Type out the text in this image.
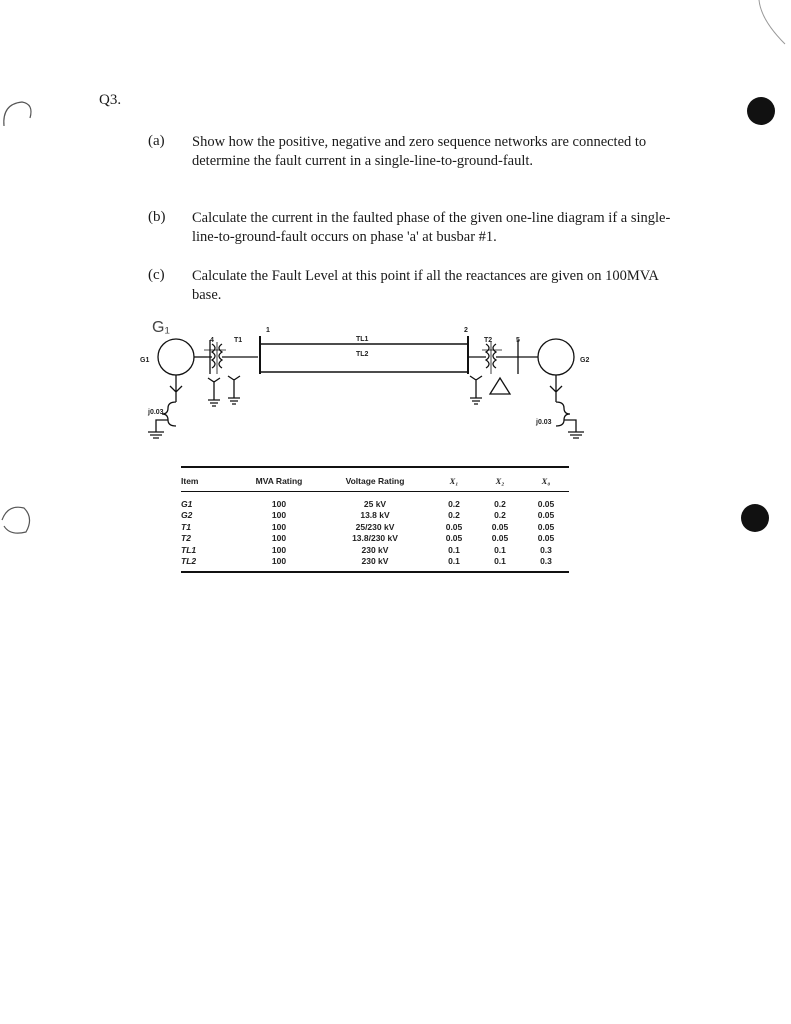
Q3.
(a) Show how the positive, negative and zero sequence networks are connected to determine the fault current in a single-line-to-ground-fault.
(b) Calculate the current in the faulted phase of the given one-line diagram if a single-line-to-ground-fault occurs on phase 'a' at busbar #1.
(c) Calculate the Fault Level at this point if all the reactances are given on 100MVA base.
G₁
G1	G2
T1	T2
TL1
TL2
4
1	2
5
j0.03
j0.03
Item	MVA Rating	Voltage Rating	X₁	X₂	X₀
G1	100	25 kV	0.2	0.2	0.05
G2	100	13.8 kV	0.2	0.2	0.05
T1	100	25/230 kV	0.05	0.05	0.05
T2	100	13.8/230 kV	0.05	0.05	0.05
TL1	100	230 kV	0.1	0.1	0.3
TL2	100	230 kV	0.1	0.1	0.3
